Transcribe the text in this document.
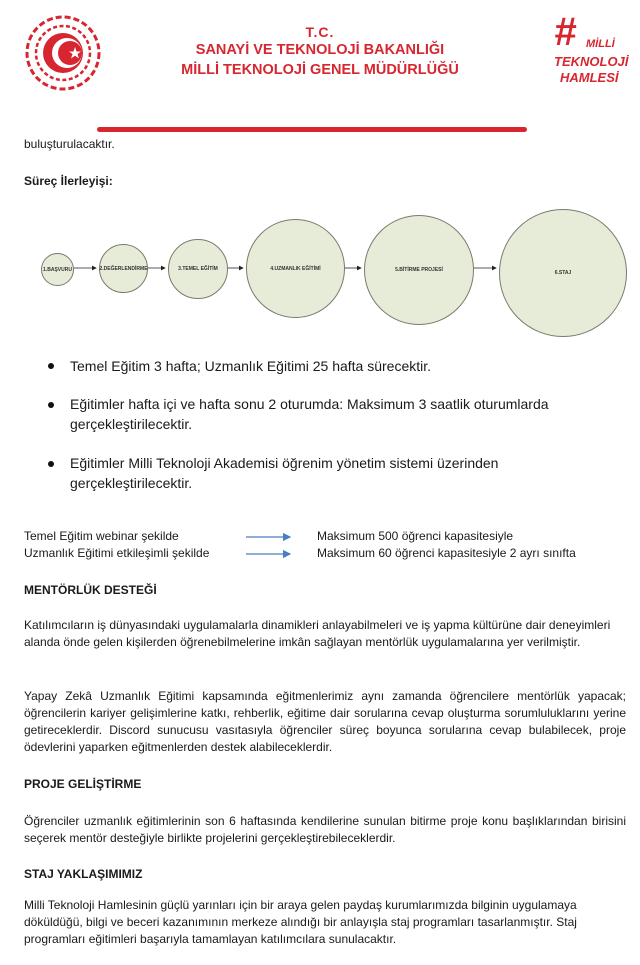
T.C.
SANAYİ VE TEKNOLOJİ BAKANLIĞI
MİLLİ TEKNOLOJİ GENEL MÜDÜRLÜĞÜ
# MİLLİ
TEKNOLOJİ
HAMLESİ
buluşturulacaktır.
Süreç İlerleyişi:
1.BAŞVURU	2.DEĞERLENDİRME	3.TEMEL EĞİTİM	4.UZMANLIK EĞİTİMİ	5.BİTİRME PROJESİ	6.STAJ
Temel Eğitim 3 hafta; Uzmanlık Eğitimi 25 hafta sürecektir.
Eğitimler hafta içi ve hafta sonu 2 oturumda: Maksimum 3 saatlik oturumlarda gerçekleştirilecektir.
Eğitimler Milli Teknoloji Akademisi öğrenim yönetim sistemi üzerinden gerçekleştirilecektir.
Temel Eğitim webinar şekilde	Maksimum 500 öğrenci kapasitesiyle
Uzmanlık Eğitimi etkileşimli şekilde	Maksimum 60 öğrenci kapasitesiyle 2 ayrı sınıfta
MENTÖRLÜK DESTEĞİ
Katılımcıların iş dünyasındaki uygulamalarla dinamikleri anlayabilmeleri ve iş yapma kültürüne dair deneyimleri alanda önde gelen kişilerden öğrenebilmelerine imkân sağlayan mentörlük uygulamalarına yer verilmiştir.
Yapay Zekâ Uzmanlık Eğitimi kapsamında eğitmenlerimiz aynı zamanda öğrencilere mentörlük yapacak; öğrencilerin kariyer gelişimlerine katkı, rehberlik, eğitime dair sorularına cevap oluşturma sorumluluklarını yerine getireceklerdir. Discord sunucusu vasıtasıyla öğrenciler süreç boyunca sorularına cevap bulabilecek, proje ödevlerini yaparken eğitmenlerden destek alabileceklerdir.
PROJE GELİŞTİRME
Öğrenciler uzmanlık eğitimlerinin son 6 haftasında kendilerine sunulan bitirme proje konu başlıklarından birisini seçerek mentör desteğiyle birlikte projelerini gerçekleştirebileceklerdir.
STAJ YAKLAŞIMIMIZ
Milli Teknoloji Hamlesinin güçlü yarınları için bir araya gelen paydaş kurumlarımızda bilginin uygulamaya döküldüğü, bilgi ve beceri kazanımının merkeze alındığı bir anlayışla staj programları tasarlanmıştır. Staj programları eğitimleri başarıyla tamamlayan katılımcılara sunulacaktır.
